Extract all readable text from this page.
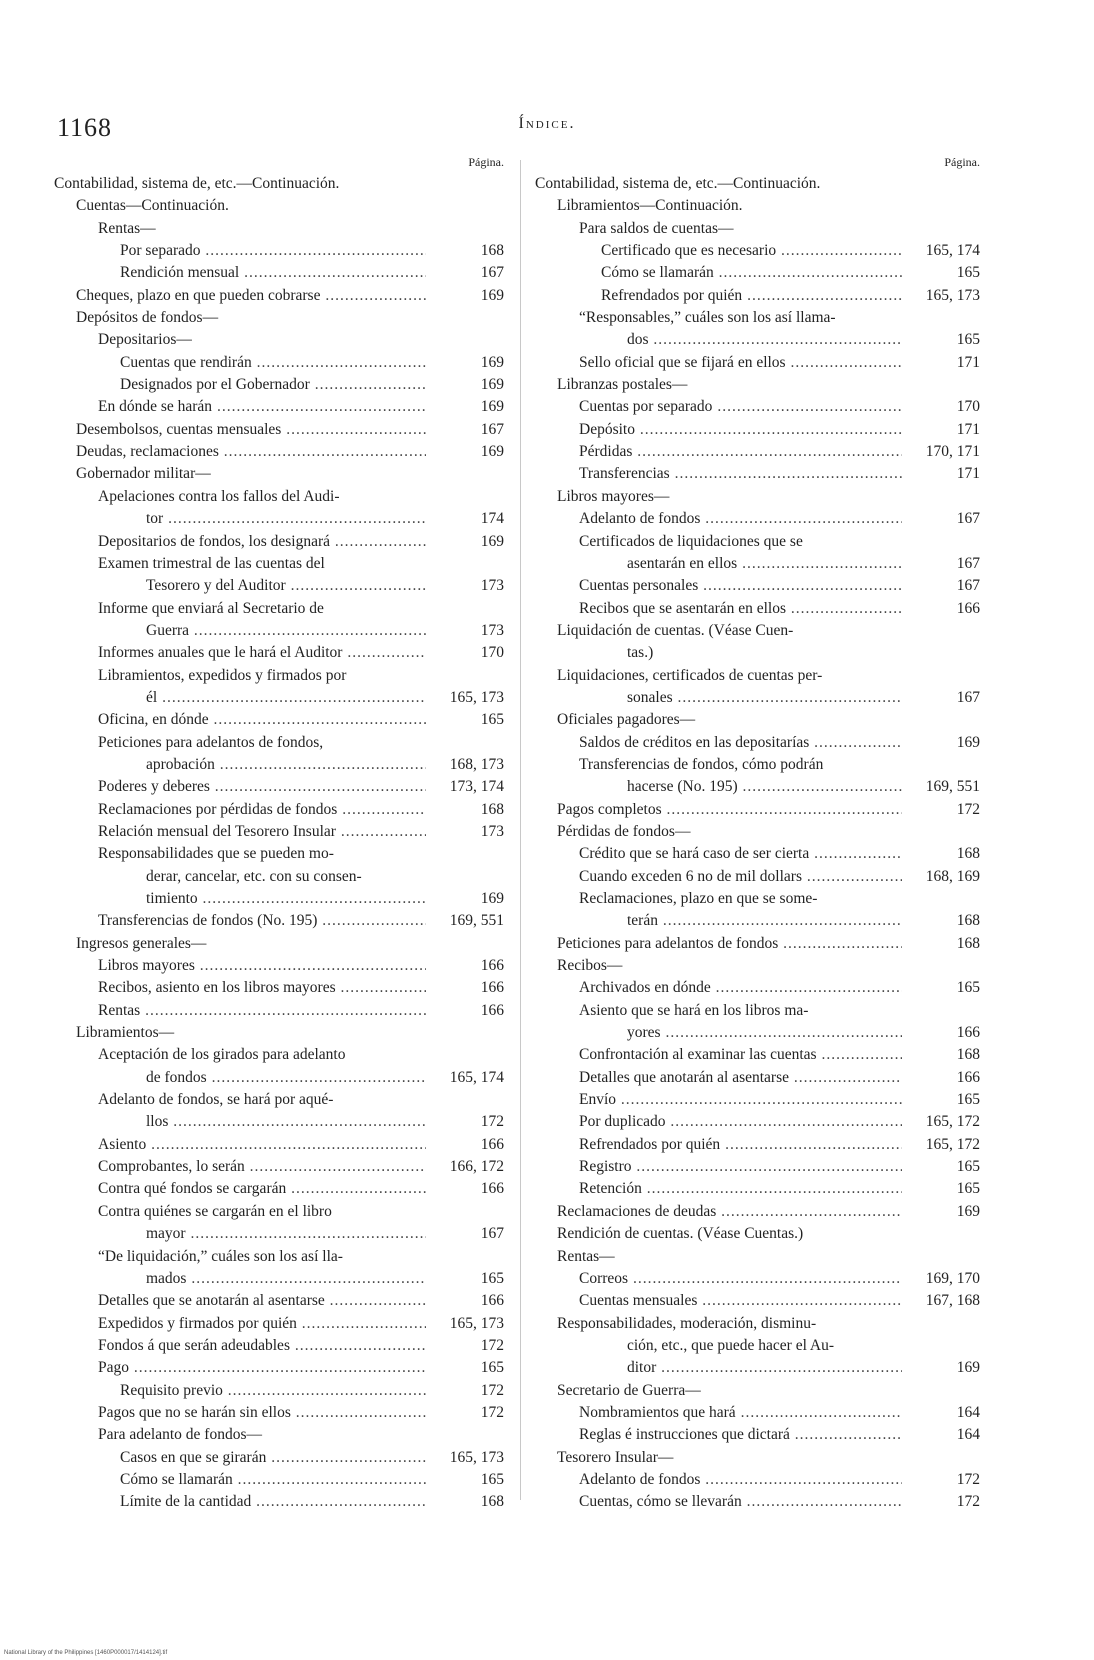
1168	Índice.
Página.
Contabilidad, sistema de, etc.—Continuación.
Cuentas—Continuación.
Rentas—
Por separado .....	168
Rendición mensual .....	167
Cheques, plazo en que pueden cobrarse .....	169
Depósitos de fondos—
Depositarios—
Cuentas que rendirán .....	169
Designados por el Gobernador .....	169
En dónde se harán .....	169
Desembolsos, cuentas mensuales .....	167
Deudas, reclamaciones .....	169
Gobernador militar—
Apelaciones contra los fallos del Audi-
tor .....	174
Depositarios de fondos, los designará .....	169
Examen trimestral de las cuentas del
Tesorero y del Auditor .....	173
Informe que enviará al Secretario de
Guerra .....	173
Informes anuales que le hará el Auditor .....	170
Libramientos, expedidos y firmados por
él .....	165, 173
Oficina, en dónde .....	165
Peticiones para adelantos de fondos,
aprobación .....	168, 173
Poderes y deberes .....	173, 174
Reclamaciones por pérdidas de fondos .....	168
Relación mensual del Tesorero Insular .....	173
Responsabilidades que se pueden mo-
derar, cancelar, etc. con su consen-
timiento .....	169
Transferencias de fondos (No. 195) .....	169, 551
Ingresos generales—
Libros mayores .....	166
Recibos, asiento en los libros mayores .....	166
Rentas .....	166
Libramientos—
Aceptación de los girados para adelanto
de fondos .....	165, 174
Adelanto de fondos, se hará por aqué-
llos .....	172
Asiento .....	166
Comprobantes, lo serán .....	166, 172
Contra qué fondos se cargarán .....	166
Contra quiénes se cargarán en el libro
mayor .....	167
“De liquidación,” cuáles son los así lla-
mados .....	165
Detalles que se anotarán al asentarse .....	166
Expedidos y firmados por quién .....	165, 173
Fondos á que serán adeudables .....	172
Pago .....	165
Requisito previo .....	172
Pagos que no se harán sin ellos .....	172
Para adelanto de fondos—
Casos en que se girarán .....	165, 173
Cómo se llamarán .....	165
Límite de la cantidad .....	168
Página.
Contabilidad, sistema de, etc.—Continuación.
Libramientos—Continuación.
Para saldos de cuentas—
Certificado que es necesario .....	165, 174
Cómo se llamarán .....	165
Refrendados por quién .....	165, 173
“Responsables,” cuáles son los así llama-
dos .....	165
Sello oficial que se fijará en ellos .....	171
Libranzas postales—
Cuentas por separado .....	170
Depósito .....	171
Pérdidas .....	170, 171
Transferencias .....	171
Libros mayores—
Adelanto de fondos .....	167
Certificados de liquidaciones que se
asentarán en ellos .....	167
Cuentas personales .....	167
Recibos que se asentarán en ellos .....	166
Liquidación de cuentas. (Véase Cuen-
tas.)
Liquidaciones, certificados de cuentas per-
sonales .....	167
Oficiales pagadores—
Saldos de créditos en las depositarías .....	169
Transferencias de fondos, cómo podrán
hacerse (No. 195) .....	169, 551
Pagos completos .....	172
Pérdidas de fondos—
Crédito que se hará caso de ser cierta .....	168
Cuando exceden 6 no de mil dollars .....	168, 169
Reclamaciones, plazo en que se some-
terán .....	168
Peticiones para adelantos de fondos .....	168
Recibos—
Archivados en dónde .....	165
Asiento que se hará en los libros ma-
yores .....	166
Confrontación al examinar las cuentas .....	168
Detalles que anotarán al asentarse .....	166
Envío .....	165
Por duplicado .....	165, 172
Refrendados por quién .....	165, 172
Registro .....	165
Retención .....	165
Reclamaciones de deudas .....	169
Rendición de cuentas. (Véase Cuentas.)
Rentas—
Correos .....	169, 170
Cuentas mensuales .....	167, 168
Responsabilidades, moderación, disminu-
ción, etc., que puede hacer el Au-
ditor .....	169
Secretario de Guerra—
Nombramientos que hará .....	164
Reglas é instrucciones que dictará .....	164
Tesorero Insular—
Adelanto de fondos .....	172
Cuentas, cómo se llevarán .....	172
National Library of the Philippines [1460P000017/1414124].tif
